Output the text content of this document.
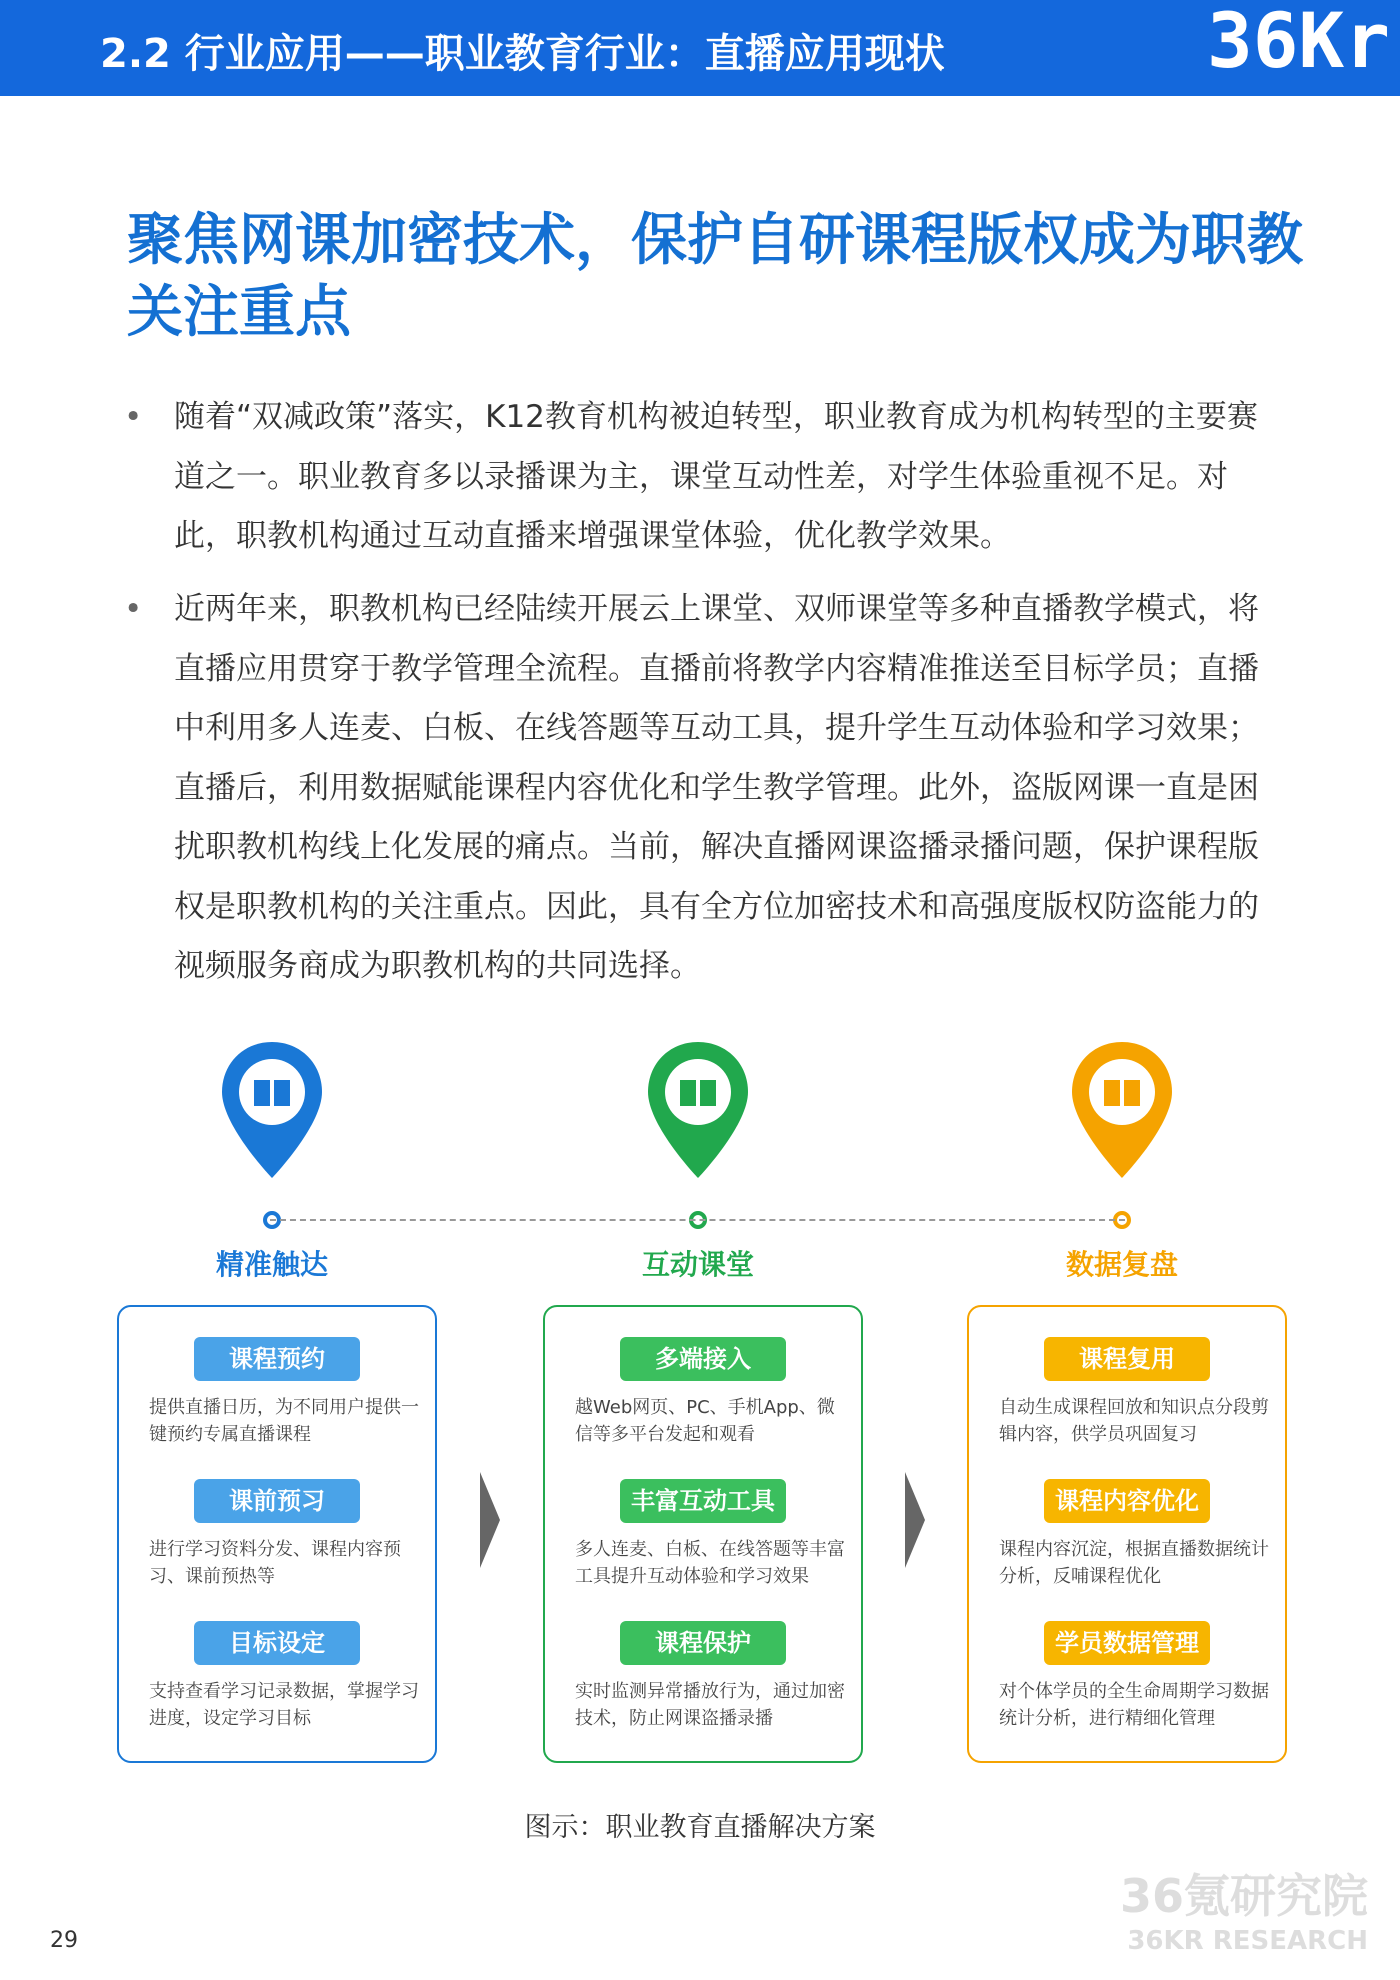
2.2 行业应用——职业教育行业：直播应用现状	36Kr
聚焦网课加密技术，保护自研课程版权成为职教关注重点
• 随着“双减政策”落实，K12教育机构被迫转型，职业教育成为机构转型的主要赛道之一。职业教育多以录播课为主，课堂互动性差，对学生体验重视不足。对此，职教机构通过互动直播来增强课堂体验，优化教学效果。
• 近两年来，职教机构已经陆续开展云上课堂、双师课堂等多种直播教学模式，将直播应用贯穿于教学管理全流程。直播前将教学内容精准推送至目标学员；直播中利用多人连麦、白板、在线答题等互动工具，提升学生互动体验和学习效果；直播后，利用数据赋能课程内容优化和学生教学管理。此外，盗版网课一直是困扰职教机构线上化发展的痛点。当前，解决直播网课盗播录播问题，保护课程版权是职教机构的关注重点。因此，具有全方位加密技术和高强度版权防盗能力的视频服务商成为职教机构的共同选择。
精准触达
课程预约
提供直播日历，为不同用户提供一键预约专属直播课程
课前预习
进行学习资料分发、课程内容预习、课前预热等
目标设定
支持查看学习记录数据，掌握学习进度，设定学习目标
互动课堂
多端接入
越Web网页、PC、手机App、微信等多平台发起和观看
丰富互动工具
多人连麦、白板、在线答题等丰富工具提升互动体验和学习效果
课程保护
实时监测异常播放行为，通过加密技术，防止网课盗播录播
数据复盘
课程复用
自动生成课程回放和知识点分段剪辑内容，供学员巩固复习
课程内容优化
课程内容沉淀，根据直播数据统计分析，反哺课程优化
学员数据管理
对个体学员的全生命周期学习数据统计分析，进行精细化管理
图示：职业教育直播解决方案
36氪研究院
36KR RESEARCH
29
